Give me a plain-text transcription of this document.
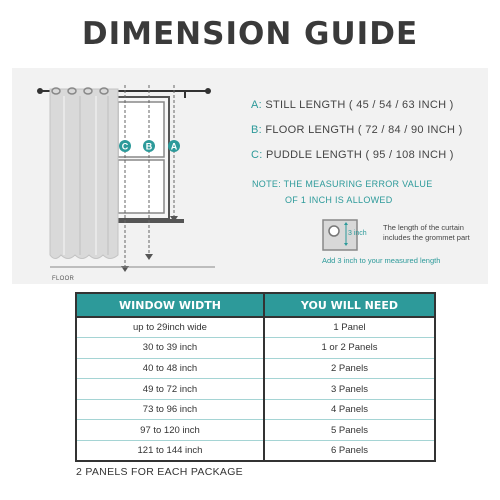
DIMENSION GUIDE
C B A
A: STILL LENGTH ( 45 / 54 / 63 INCH )
B: FLOOR LENGTH ( 72 / 84 / 90 INCH )
C: PUDDLE LENGTH ( 95 / 108 INCH )
NOTE: THE MEASURING ERROR VALUE
OF 1 INCH IS ALLOWED
3 inch
The length of the curtain includes the grommet part
Add 3 inch to your measured length
FLOOR
WINDOW WIDTH	YOU WILL NEED
up to 29inch wide	1 Panel
30 to 39 inch	1 or 2 Panels
40 to 48 inch	2 Panels
49 to 72 inch	3 Panels
73 to 96 inch	4 Panels
97 to 120 inch	5 Panels
121 to 144 inch	6 Panels
2 PANELS FOR EACH PACKAGE
